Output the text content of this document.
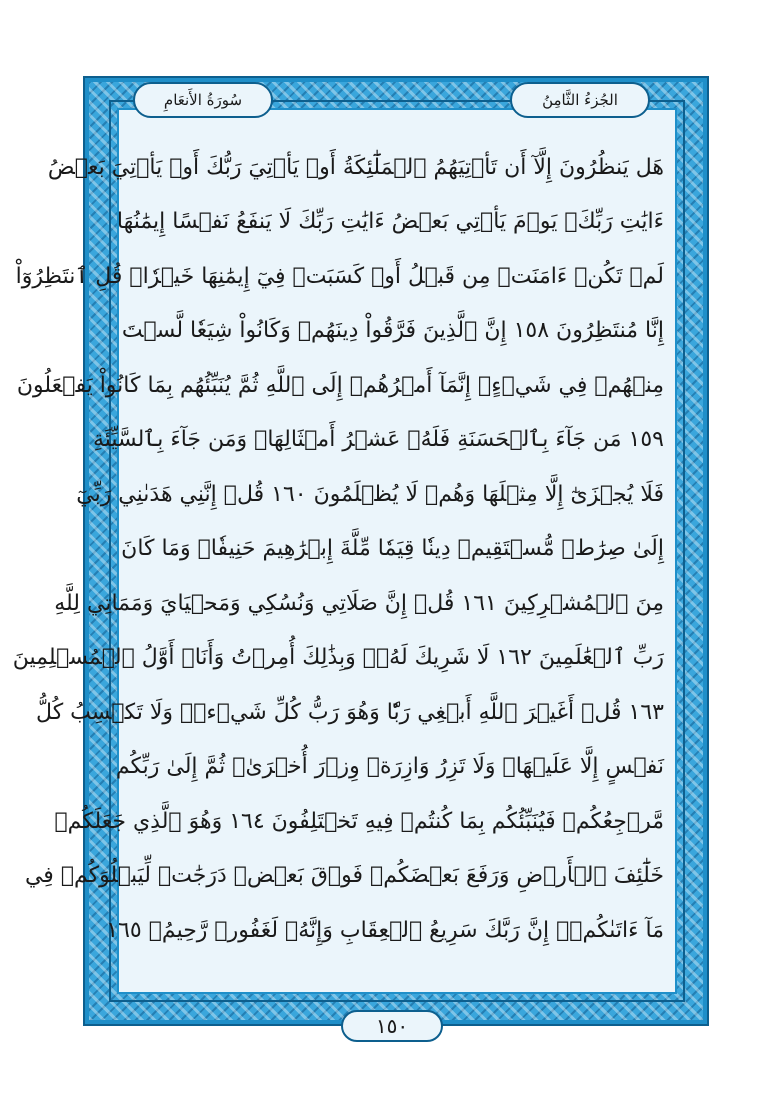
سُورَةُ الأَنعَامِ	الجُزءُ الثَّامِنُ
هَل يَنظُرُونَ إِلَّآ أَن تَأۡتِيَهُمُ ٱلۡمَلَٰٓئِكَةُ أَوۡ يَأۡتِيَ رَبُّكَ أَوۡ يَأۡتِيَ بَعۡضُ
ءَايَٰتِ رَبِّكَۗ يَوۡمَ يَأۡتِي بَعۡضُ ءَايَٰتِ رَبِّكَ لَا يَنفَعُ نَفۡسًا إِيمَٰنُهَا
لَمۡ تَكُنۡ ءَامَنَتۡ مِن قَبۡلُ أَوۡ كَسَبَتۡ فِيٓ إِيمَٰنِهَا خَيۡرٗاۗ قُلِ ٱنتَظِرُوٓاْ
إِنَّا مُنتَظِرُونَ ١٥٨ إِنَّ ٱلَّذِينَ فَرَّقُواْ دِينَهُمۡ وَكَانُواْ شِيَعٗا لَّسۡتَ
مِنۡهُمۡ فِي شَيۡءٍۚ إِنَّمَآ أَمۡرُهُمۡ إِلَى ٱللَّهِ ثُمَّ يُنَبِّئُهُم بِمَا كَانُواْ يَفۡعَلُونَ
١٥٩ مَن جَآءَ بِٱلۡحَسَنَةِ فَلَهُۥ عَشۡرُ أَمۡثَالِهَاۖ وَمَن جَآءَ بِٱلسَّيِّئَةِ
فَلَا يُجۡزَىٰٓ إِلَّا مِثۡلَهَا وَهُمۡ لَا يُظۡلَمُونَ ١٦٠ قُلۡ إِنَّنِي هَدَىٰنِي رَبِّيٓ
إِلَىٰ صِرَٰطٖ مُّسۡتَقِيمٖ دِينٗا قِيَمٗا مِّلَّةَ إِبۡرَٰهِيمَ حَنِيفٗاۚ وَمَا كَانَ
مِنَ ٱلۡمُشۡرِكِينَ ١٦١ قُلۡ إِنَّ صَلَاتِي وَنُسُكِي وَمَحۡيَايَ وَمَمَاتِي لِلَّهِ
رَبِّ ٱلۡعَٰلَمِينَ ١٦٢ لَا شَرِيكَ لَهُۥۖ وَبِذَٰلِكَ أُمِرۡتُ وَأَنَا۠ أَوَّلُ ٱلۡمُسۡلِمِينَ
١٦٣ قُلۡ أَغَيۡرَ ٱللَّهِ أَبۡغِي رَبّٗا وَهُوَ رَبُّ كُلِّ شَيۡءٖۚ وَلَا تَكۡسِبُ كُلُّ
نَفۡسٍ إِلَّا عَلَيۡهَاۚ وَلَا تَزِرُ وَازِرَةٞ وِزۡرَ أُخۡرَىٰۚ ثُمَّ إِلَىٰ رَبِّكُم
مَّرۡجِعُكُمۡ فَيُنَبِّئُكُم بِمَا كُنتُمۡ فِيهِ تَخۡتَلِفُونَ ١٦٤ وَهُوَ ٱلَّذِي جَعَلَكُمۡ
خَلَٰٓئِفَ ٱلۡأَرۡضِ وَرَفَعَ بَعۡضَكُمۡ فَوۡقَ بَعۡضٖ دَرَجَٰتٖ لِّيَبۡلُوَكُمۡ فِي
مَآ ءَاتَىٰكُمۡۗ إِنَّ رَبَّكَ سَرِيعُ ٱلۡعِقَابِ وَإِنَّهُۥ لَغَفُورٞ رَّحِيمُۢ ١٦٥
١٥٠
